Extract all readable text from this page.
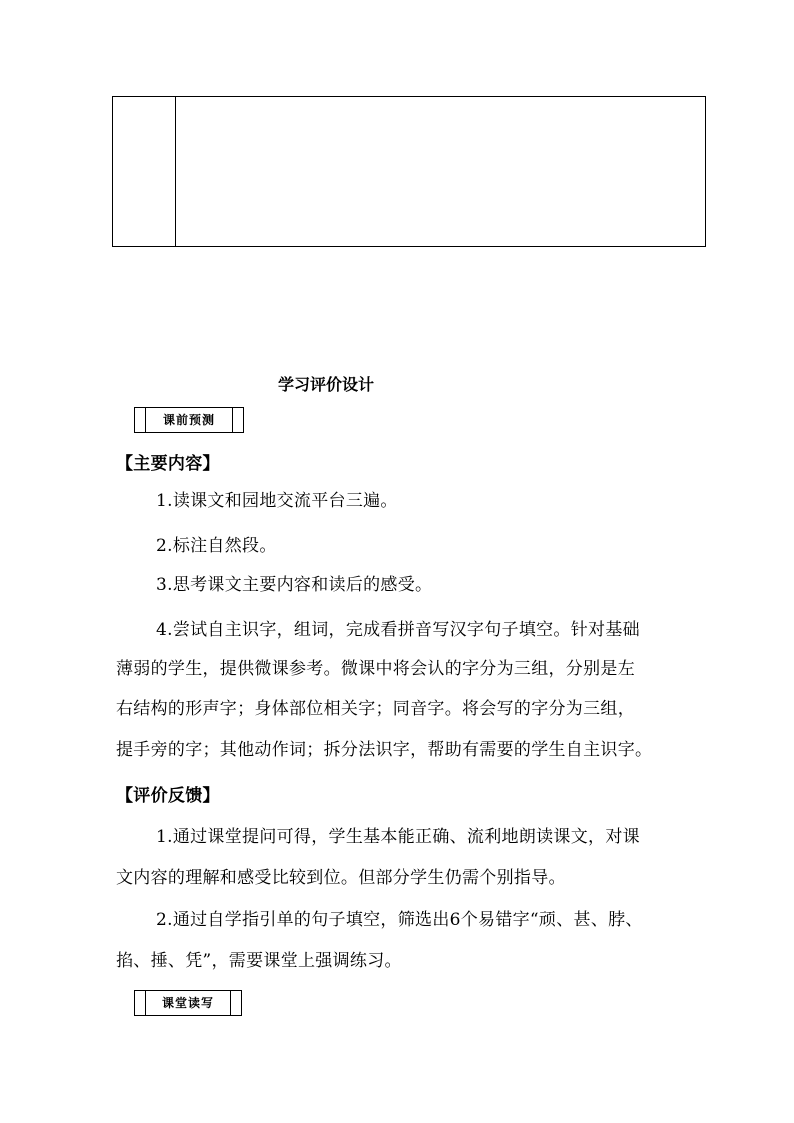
学习评价设计
课前预测
【主要内容】
1.读课文和园地交流平台三遍。
2.标注自然段。
3.思考课文主要内容和读后的感受。
4.尝试自主识字，组词，完成看拼音写汉字句子填空。针对基础
薄弱的学生，提供微课参考。微课中将会认的字分为三组，分别是左
右结构的形声字；身体部位相关字；同音字。将会写的字分为三组，
提手旁的字；其他动作词；拆分法识字，帮助有需要的学生自主识字。
【评价反馈】
1.通过课堂提问可得，学生基本能正确、流利地朗读课文，对课
文内容的理解和感受比较到位。但部分学生仍需个别指导。
2.通过自学指引单的句子填空，筛选出6个易错字“顽、甚、脖、
掐、捶、凭”，需要课堂上强调练习。
课堂读写
